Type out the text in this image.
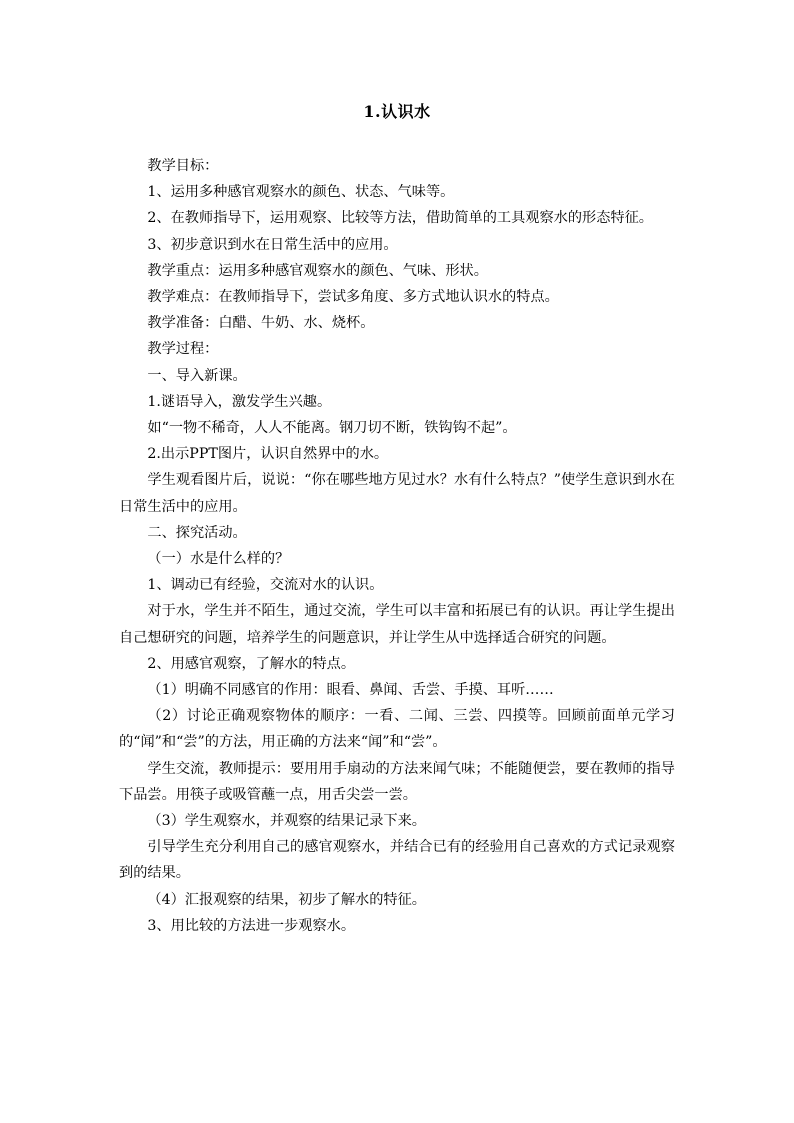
1.认识水

教学目标：

1、运用多种感官观察水的颜色、状态、气味等。

2、在教师指导下，运用观察、比较等方法，借助简单的工具观察水的形态特征。

3、初步意识到水在日常生活中的应用。

教学重点：运用多种感官观察水的颜色、气味、形状。

教学难点：在教师指导下，尝试多角度、多方式地认识水的特点。

教学准备：白醋、牛奶、水、烧杯。

教学过程：

一、导入新课。

1.谜语导入，激发学生兴趣。

如“一物不稀奇，人人不能离。钢刀切不断，铁钩钩不起”。

2.出示PPT图片，认识自然界中的水。

学生观看图片后，说说：“你在哪些地方见过水？水有什么特点？”使学生意识到水在日常生活中的应用。

二、探究活动。

（一）水是什么样的？

1、调动已有经验，交流对水的认识。

对于水，学生并不陌生，通过交流，学生可以丰富和拓展已有的认识。再让学生提出自己想研究的问题，培养学生的问题意识，并让学生从中选择适合研究的问题。

2、用感官观察，了解水的特点。

（1）明确不同感官的作用：眼看、鼻闻、舌尝、手摸、耳听……

（2）讨论正确观察物体的顺序：一看、二闻、三尝、四摸等。回顾前面单元学习的“闻”和“尝”的方法，用正确的方法来“闻”和“尝”。

学生交流，教师提示：要用用手扇动的方法来闻气味；不能随便尝，要在教师的指导下品尝。用筷子或吸管蘸一点，用舌尖尝一尝。

（3）学生观察水，并观察的结果记录下来。

引导学生充分利用自己的感官观察水，并结合已有的经验用自己喜欢的方式记录观察到的结果。

（4）汇报观察的结果，初步了解水的特征。

3、用比较的方法进一步观察水。
